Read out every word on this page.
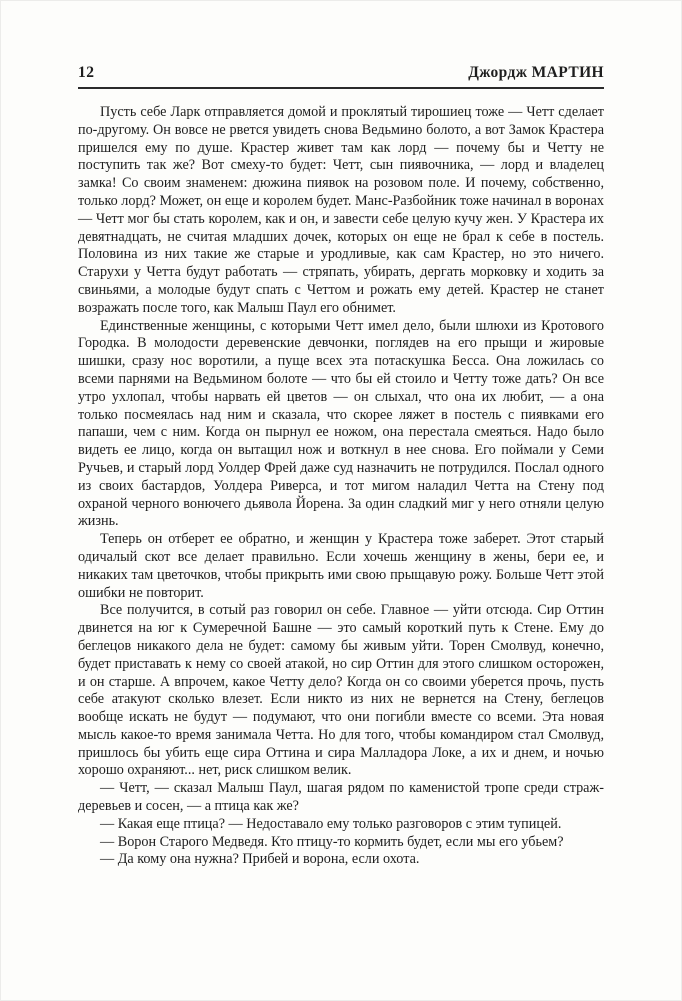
12	Джордж МАРТИН

Пусть себе Ларк отправляется домой и проклятый тирошиец тоже — Четт сделает по-другому. Он вовсе не рвется увидеть снова Ведьмино болото, а вот Замок Крастера пришелся ему по душе. Крастер живет там как лорд — почему бы и Четту не поступить так же? Вот смеху-то будет: Четт, сын пиявочника, — лорд и владелец замка! Со своим знаменем: дюжина пиявок на розовом поле. И почему, собственно, только лорд? Может, он еще и королем будет. Манс-Разбойник тоже начинал в воронах — Четт мог бы стать королем, как и он, и завести себе целую кучу жен. У Крастера их девятнадцать, не считая младших дочек, которых он еще не брал к себе в постель. Половина из них такие же старые и уродливые, как сам Крастер, но это ничего. Старухи у Четта будут работать — стряпать, убирать, дергать морковку и ходить за свиньями, а молодые будут спать с Четтом и рожать ему детей. Крастер не станет возражать после того, как Малыш Паул его обнимет.

Единственные женщины, с которыми Четт имел дело, были шлюхи из Кротового Городка. В молодости деревенские девчонки, поглядев на его прыщи и жировые шишки, сразу нос воротили, а пуще всех эта потаскушка Бесса. Она ложилась со всеми парнями на Ведьмином болоте — что бы ей стоило и Четту тоже дать? Он все утро ухлопал, чтобы нарвать ей цветов — он слыхал, что она их любит, — а она только посмеялась над ним и сказала, что скорее ляжет в постель с пиявками его папаши, чем с ним. Когда он пырнул ее ножом, она перестала смеяться. Надо было видеть ее лицо, когда он вытащил нож и воткнул в нее снова. Его поймали у Семи Ручьев, и старый лорд Уолдер Фрей даже суд назначить не потрудился. Послал одного из своих бастардов, Уолдера Риверса, и тот мигом наладил Четта на Стену под охраной черного вонючего дьявола Йорена. За один сладкий миг у него отняли целую жизнь.

Теперь он отберет ее обратно, и женщин у Крастера тоже заберет. Этот старый одичалый скот все делает правильно. Если хочешь женщину в жены, бери ее, и никаких там цветочков, чтобы прикрыть ими свою прыщавую рожу. Больше Четт этой ошибки не повторит.

Все получится, в сотый раз говорил он себе. Главное — уйти отсюда. Сир Оттин двинется на юг к Сумеречной Башне — это самый короткий путь к Стене. Ему до беглецов никакого дела не будет: самому бы живым уйти. Торен Смолвуд, конечно, будет приставать к нему со своей атакой, но сир Оттин для этого слишком осторожен, и он старше. А впрочем, какое Четту дело? Когда он со своими уберется прочь, пусть себе атакуют сколько влезет. Если никто из них не вернется на Стену, беглецов вообще искать не будут — подумают, что они погибли вместе со всеми. Эта новая мысль какое-то время занимала Четта. Но для того, чтобы командиром стал Смолвуд, пришлось бы убить еще сира Оттина и сира Малладора Локе, а их и днем, и ночью хорошо охраняют... нет, риск слишком велик.

— Четт, — сказал Малыш Паул, шагая рядом по каменистой тропе среди страж-деревьев и сосен, — а птица как же?

— Какая еще птица? — Недоставало ему только разговоров с этим тупицей.

— Ворон Старого Медведя. Кто птицу-то кормить будет, если мы его убьем?

— Да кому она нужна? Прибей и ворона, если охота.
